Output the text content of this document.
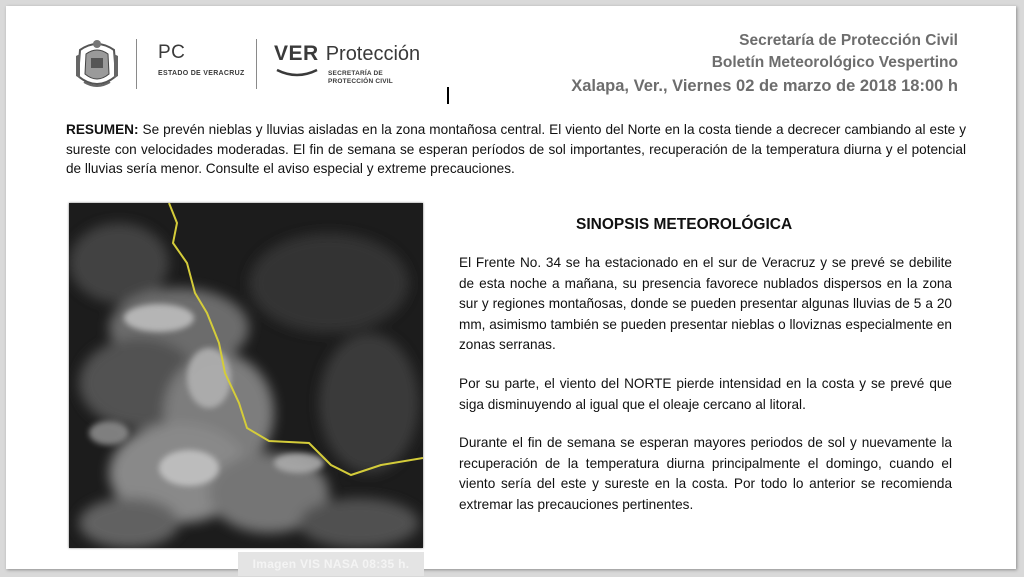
PC
ESTADO DE VERACRUZ
VER Protección
SECRETARÍA DE
PROTECCIÓN CIVIL
Secretaría de Protección Civil
Boletín Meteorológico Vespertino
Xalapa, Ver., Viernes 02 de marzo de 2018 18:00 h
RESUMEN: Se prevén nieblas y lluvias aisladas en la zona montañosa central. El viento del Norte en la costa tiende a decrecer cambiando al este y sureste con velocidades moderadas. El fin de semana se esperan períodos de sol importantes, recuperación de la temperatura diurna y el potencial de lluvias sería menor. Consulte el aviso especial y extreme precauciones.
Imagen VIS NASA 08:35 h.
SINOPSIS METEOROLÓGICA

El Frente No. 34 se ha estacionado en el sur de Veracruz y se prevé se debilite de esta noche a mañana, su presencia favorece nublados dispersos en la zona sur y regiones montañosas, donde se pueden presentar algunas lluvias de 5 a 20 mm, asimismo también se pueden presentar nieblas o lloviznas especialmente en zonas serranas.

Por su parte, el viento del NORTE pierde intensidad en la costa y se prevé que siga disminuyendo al igual que el oleaje cercano al litoral.

Durante el fin de semana se esperan mayores periodos de sol y nuevamente la recuperación de la temperatura diurna principalmente el domingo, cuando el viento sería del este y sureste en la costa. Por todo lo anterior se recomienda extremar las precauciones pertinentes.
